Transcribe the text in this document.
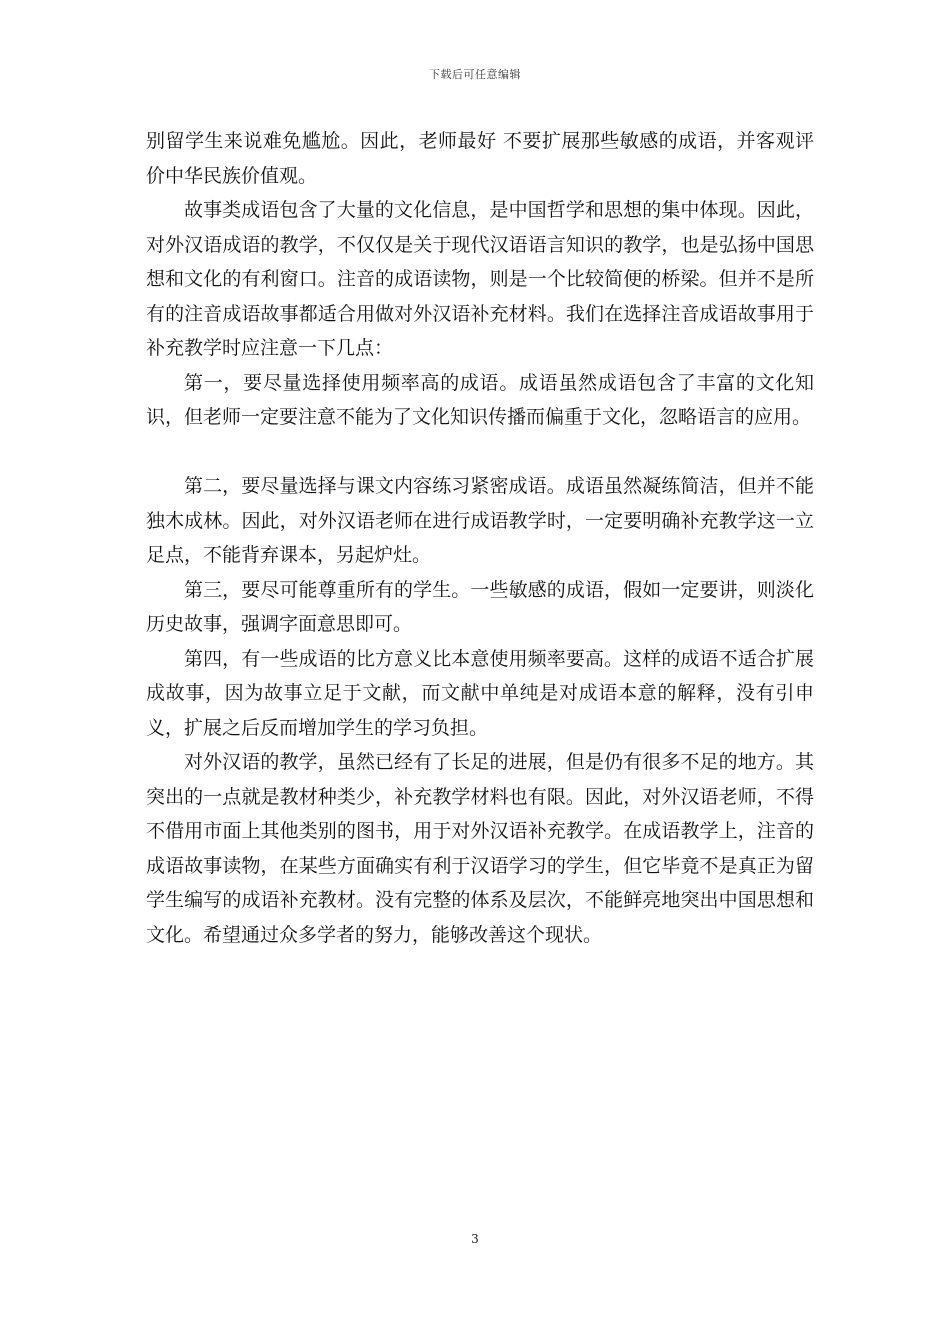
下载后可任意编辑

别留学生来说难免尴尬。因此，老师最好 不要扩展那些敏感的成语，并客观评价中华民族价值观。

故事类成语包含了大量的文化信息，是中国哲学和思想的集中体现。因此，对外汉语成语的教学，不仅仅是关于现代汉语语言知识的教学，也是弘扬中国思想和文化的有利窗口。注音的成语读物，则是一个比较简便的桥梁。但并不是所有的注音成语故事都适合用做对外汉语补充材料。我们在选择注音成语故事用于补充教学时应注意一下几点：

第一，要尽量选择使用频率高的成语。成语虽然成语包含了丰富的文化知识，但老师一定要注意不能为了文化知识传播而偏重于文化，忽略语言的应用。

第二，要尽量选择与课文内容练习紧密成语。成语虽然凝练简洁，但并不能独木成林。因此，对外汉语老师在进行成语教学时，一定要明确补充教学这一立足点，不能背弃课本，另起炉灶。

第三，要尽可能尊重所有的学生。一些敏感的成语，假如一定要讲，则淡化历史故事，强调字面意思即可。

第四，有一些成语的比方意义比本意使用频率要高。这样的成语不适合扩展成故事，因为故事立足于文献，而文献中单纯是对成语本意的解释，没有引申义，扩展之后反而增加学生的学习负担。

对外汉语的教学，虽然已经有了长足的进展，但是仍有很多不足的地方。其突出的一点就是教材种类少，补充教学材料也有限。因此，对外汉语老师，不得不借用市面上其他类别的图书，用于对外汉语补充教学。在成语教学上，注音的成语故事读物，在某些方面确实有利于汉语学习的学生，但它毕竟不是真正为留学生编写的成语补充教材。没有完整的体系及层次，不能鲜亮地突出中国思想和文化。希望通过众多学者的努力，能够改善这个现状。

3
